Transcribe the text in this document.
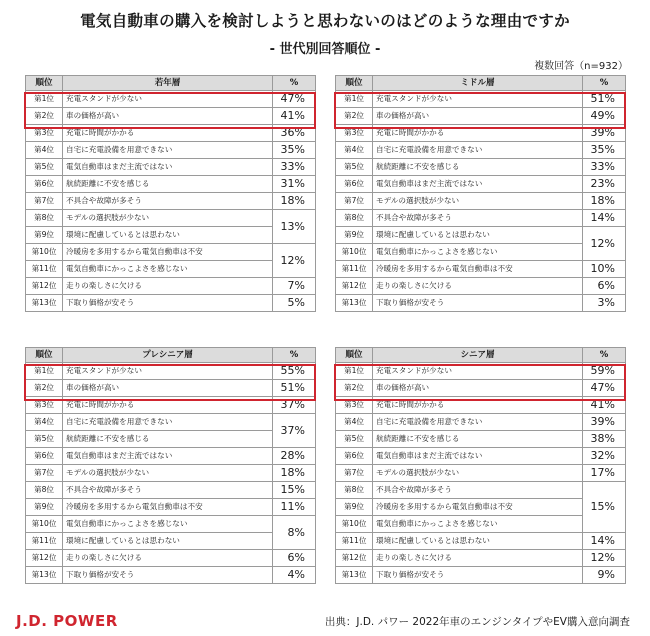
電気自動車の購入を検討しようと思わないのはどのような理由ですか
- 世代別回答順位 -
複数回答（n=932）
順位	若年層	%
第1位	充電スタンドが少ない	47%
第2位	車の価格が高い	41%
第3位	充電に時間がかかる	36%
第4位	自宅に充電設備を用意できない	35%
第5位	電気自動車はまだ主流ではない	33%
第6位	航続距離に不安を感じる	31%
第7位	不具合や故障が多そう	18%
第8位	モデルの選択肢が少ない	13%
第9位	環境に配慮しているとは思わない	
第10位	冷暖房を多用するから電気自動車は不安	12%
第11位	電気自動車にかっこよさを感じない	
第12位	走りの楽しさに欠ける	7%
第13位	下取り価格が安そう	5%
順位	ミドル層	%
第1位	充電スタンドが少ない	51%
第2位	車の価格が高い	49%
第3位	充電に時間がかかる	39%
第4位	自宅に充電設備を用意できない	35%
第5位	航続距離に不安を感じる	33%
第6位	電気自動車はまだ主流ではない	23%
第7位	モデルの選択肢が少ない	18%
第8位	不具合や故障が多そう	14%
第9位	環境に配慮しているとは思わない	12%
第10位	電気自動車にかっこよさを感じない	
第11位	冷暖房を多用するから電気自動車は不安	10%
第12位	走りの楽しさに欠ける	6%
第13位	下取り価格が安そう	3%
順位	プレシニア層	%
第1位	充電スタンドが少ない	55%
第2位	車の価格が高い	51%
第3位	充電に時間がかかる	37%
第4位	自宅に充電設備を用意できない	37%
第5位	航続距離に不安を感じる	
第6位	電気自動車はまだ主流ではない	28%
第7位	モデルの選択肢が少ない	18%
第8位	不具合や故障が多そう	15%
第9位	冷暖房を多用するから電気自動車は不安	11%
第10位	電気自動車にかっこよさを感じない	8%
第11位	環境に配慮しているとは思わない	
第12位	走りの楽しさに欠ける	6%
第13位	下取り価格が安そう	4%
順位	シニア層	%
第1位	充電スタンドが少ない	59%
第2位	車の価格が高い	47%
第3位	充電に時間がかかる	41%
第4位	自宅に充電設備を用意できない	39%
第5位	航続距離に不安を感じる	38%
第6位	電気自動車はまだ主流ではない	32%
第7位	モデルの選択肢が少ない	17%
第8位	不具合や故障が多そう	15%
第9位	冷暖房を多用するから電気自動車は不安	
第10位	電気自動車にかっこよさを感じない	
第11位	環境に配慮しているとは思わない	14%
第12位	走りの楽しさに欠ける	12%
第13位	下取り価格が安そう	9%
J.D. POWER	出典：J.D. パワー 2022年車のエンジンタイプやEV購入意向調査
